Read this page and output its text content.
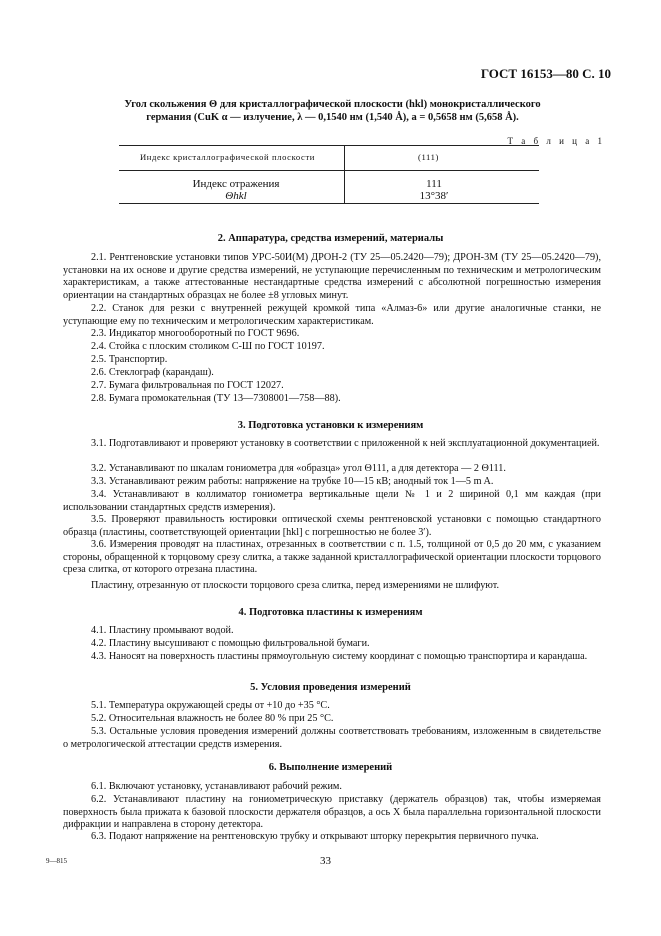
ГОСТ 16153—80 С. 10
Угол скольжения Θ для кристаллографической плоскости (hkl) монокристаллического
германия (CuK α — излучение, λ — 0,1540 нм (1,540 Å), a = 0,5658 нм (5,658 Å).
Т а б л и ц а 1
Индекс кристаллографической плоскости	(111)
Индекс отражения	111
Θhkl	13°38′
2. Аппаратура, средства измерений, материалы

2.1. Рентгеновские установки типов УРС-50И(М) ДРОН-2 (ТУ 25—05.2420—79); ДРОН-3М (ТУ 25—05.2420—79), установки на их основе и другие средства измерений, не уступающие перечисленным по техническим и метрологическим характеристикам, а также аттестованные нестандартные средства измерений с абсолютной погрешностью измерения ориентации на стандартных образцах не более ±8 угловых минут.

2.2. Станок для резки с внутренней режущей кромкой типа «Алмаз-6» или другие аналогичные станки, не уступающие ему по техническим и метрологическим характеристикам.

2.3. Индикатор многооборотный по ГОСТ 9696.

2.4. Стойка с плоским столиком С-Ш по ГОСТ 10197.

2.5. Транспортир.

2.6. Стеклограф (карандаш).

2.7. Бумага фильтровальная по ГОСТ 12027.

2.8. Бумага промокательная (ТУ 13—7308001—758—88).

3. Подготовка установки к измерениям

3.1. Подготавливают и проверяют установку в соответствии с приложенной к ней эксплуатационной документацией.

3.2. Устанавливают по шкалам гониометра для «образца» угол Θ111, а для детектора — 2 Θ111.

3.3. Устанавливают режим работы: напряжение на трубке 10—15 кВ; анодный ток 1—5 m A.

3.4. Устанавливают в коллиматор гониометра вертикальные щели № 1 и 2 шириной 0,1 мм каждая (при использовании стандартных средств измерения).

3.5. Проверяют правильность юстировки оптической схемы рентгеновской установки с помощью стандартного образца (пластины, соответствующей ориентации [hkl] с погрешностью не более 3′).

3.6. Измерения проводят на пластинах, отрезанных в соответствии с п. 1.5, толщиной от 0,5 до 20 мм, с указанием стороны, обращенной к торцовому срезу слитка, а также заданной кристаллографической ориентации плоскости торцового среза слитка, от которого отрезана пластина.

Пластину, отрезанную от плоскости торцового среза слитка, перед измерениями не шлифуют.

4. Подготовка пластины к измерениям

4.1. Пластину промывают водой.

4.2. Пластину высушивают с помощью фильтровальной бумаги.

4.3. Наносят на поверхность пластины прямоугольную систему координат с помощью транспортира и карандаша.

5. Условия проведения измерений

5.1. Температура окружающей среды от +10 до +35 °С.

5.2. Относительная влажность не более 80 % при 25 °С.

5.3. Остальные условия проведения измерений должны соответствовать требованиям, изложенным в свидетельстве о метрологической аттестации средств измерения.

6. Выполнение измерений

6.1. Включают установку, устанавливают рабочий режим.

6.2. Устанавливают пластину на гониометрическую приставку (держатель образцов) так, чтобы измеряемая поверхность была прижата к базовой плоскости держателя образцов, а ось X была параллельна горизонтальной плоскости дифракции и направлена в сторону детектора.

6.3. Подают напряжение на рентгеновскую трубку и открывают шторку перекрытия первичного пучка.

9—815	33
